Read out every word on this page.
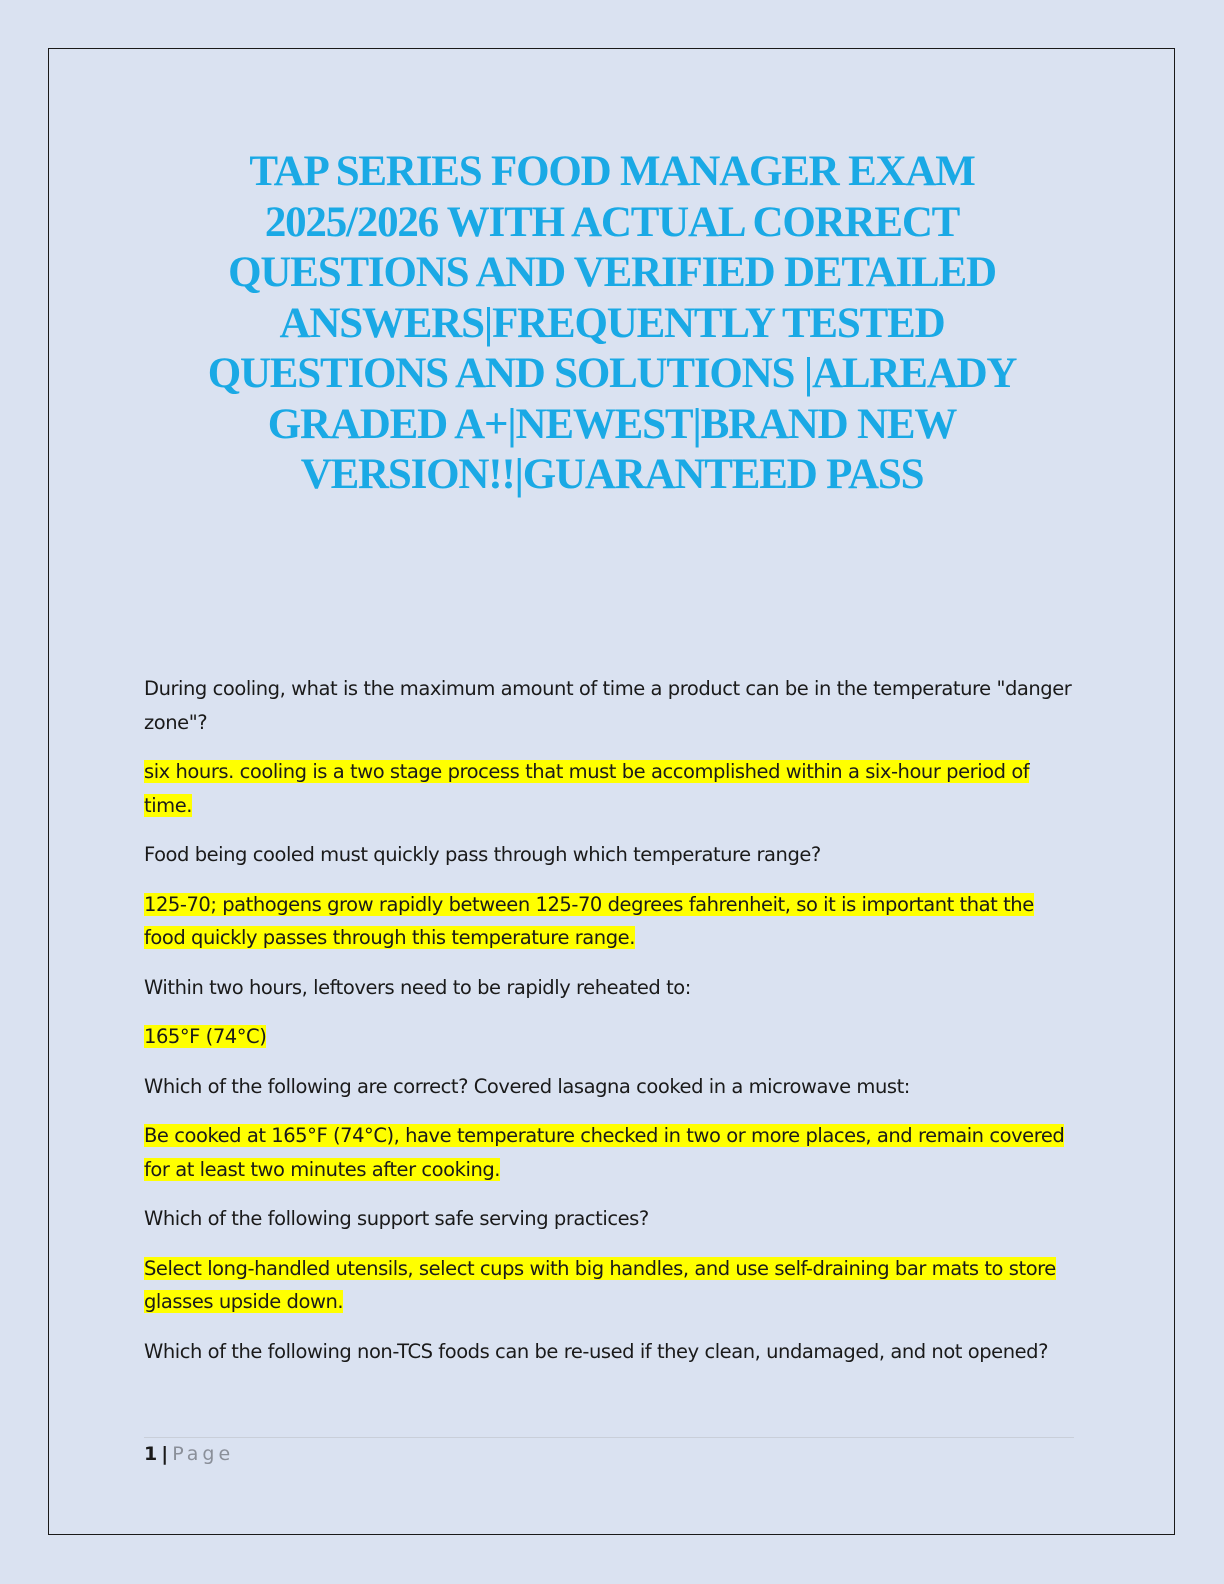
TAP SERIES FOOD MANAGER EXAM 2025/2026 WITH ACTUAL CORRECT QUESTIONS AND VERIFIED DETAILED ANSWERS|FREQUENTLY TESTED QUESTIONS AND SOLUTIONS |ALREADY GRADED A+|NEWEST|BRAND NEW VERSION!!|GUARANTEED PASS

During cooling, what is the maximum amount of time a product can be in the temperature "danger zone"?

six hours. cooling is a two stage process that must be accomplished within a six-hour period of time.

Food being cooled must quickly pass through which temperature range?

125-70; pathogens grow rapidly between 125-70 degrees fahrenheit, so it is important that the food quickly passes through this temperature range.

Within two hours, leftovers need to be rapidly reheated to:

165°F (74°C)

Which of the following are correct? Covered lasagna cooked in a microwave must:

Be cooked at 165°F (74°C), have temperature checked in two or more places, and remain covered for at least two minutes after cooking.

Which of the following support safe serving practices?

Select long-handled utensils, select cups with big handles, and use self-draining bar mats to store glasses upside down.

Which of the following non-TCS foods can be re-used if they clean, undamaged, and not opened?

1 | Page
